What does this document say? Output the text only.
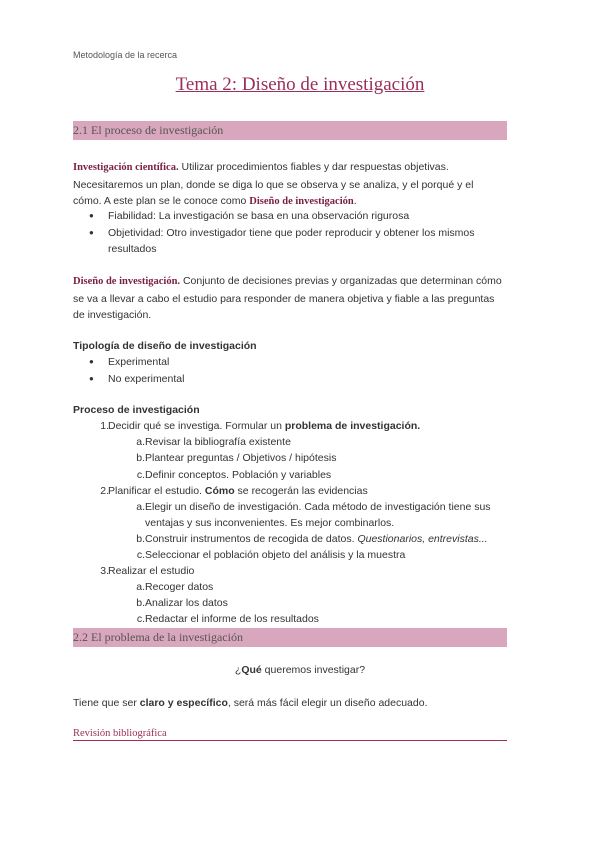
Metodología de la recerca
Tema 2: Diseño de investigación
2.1 El proceso de investigación
Investigación científica. Utilizar procedimientos fiables y dar respuestas objetivas.
Necesitaremos un plan, donde se diga lo que se observa y se analiza, y el porqué y el
cómo. A este plan se le conoce como Diseño de investigación.
● Fiabilidad: La investigación se basa en una observación rigurosa
● Objetividad: Otro investigador tiene que poder reproducir y obtener los mismos
resultados
Diseño de investigación. Conjunto de decisiones previas y organizadas que determinan cómo
se va a llevar a cabo el estudio para responder de manera objetiva y fiable a las preguntas
de investigación.
Tipología de diseño de investigación
● Experimental
● No experimental
Proceso de investigación
1. Decidir qué se investiga. Formular un problema de investigación.
a. Revisar la bibliografía existente
b. Plantear preguntas / Objetivos / hipótesis
c. Definir conceptos. Población y variables
2. Planificar el estudio. Cómo se recogerán las evidencias
a. Elegir un diseño de investigación. Cada método de investigación tiene sus
ventajas y sus inconvenientes. Es mejor combinarlos.
b. Construir instrumentos de recogida de datos. Questionarios, entrevistas...
c. Seleccionar el población objeto del análisis y la muestra
3. Realizar el estudio
a. Recoger datos
b. Analizar los datos
c. Redactar el informe de los resultados
2.2 El problema de la investigación
¿Qué queremos investigar?
Tiene que ser claro y específico, será más fácil elegir un diseño adecuado.
Revisión bibliográfica
